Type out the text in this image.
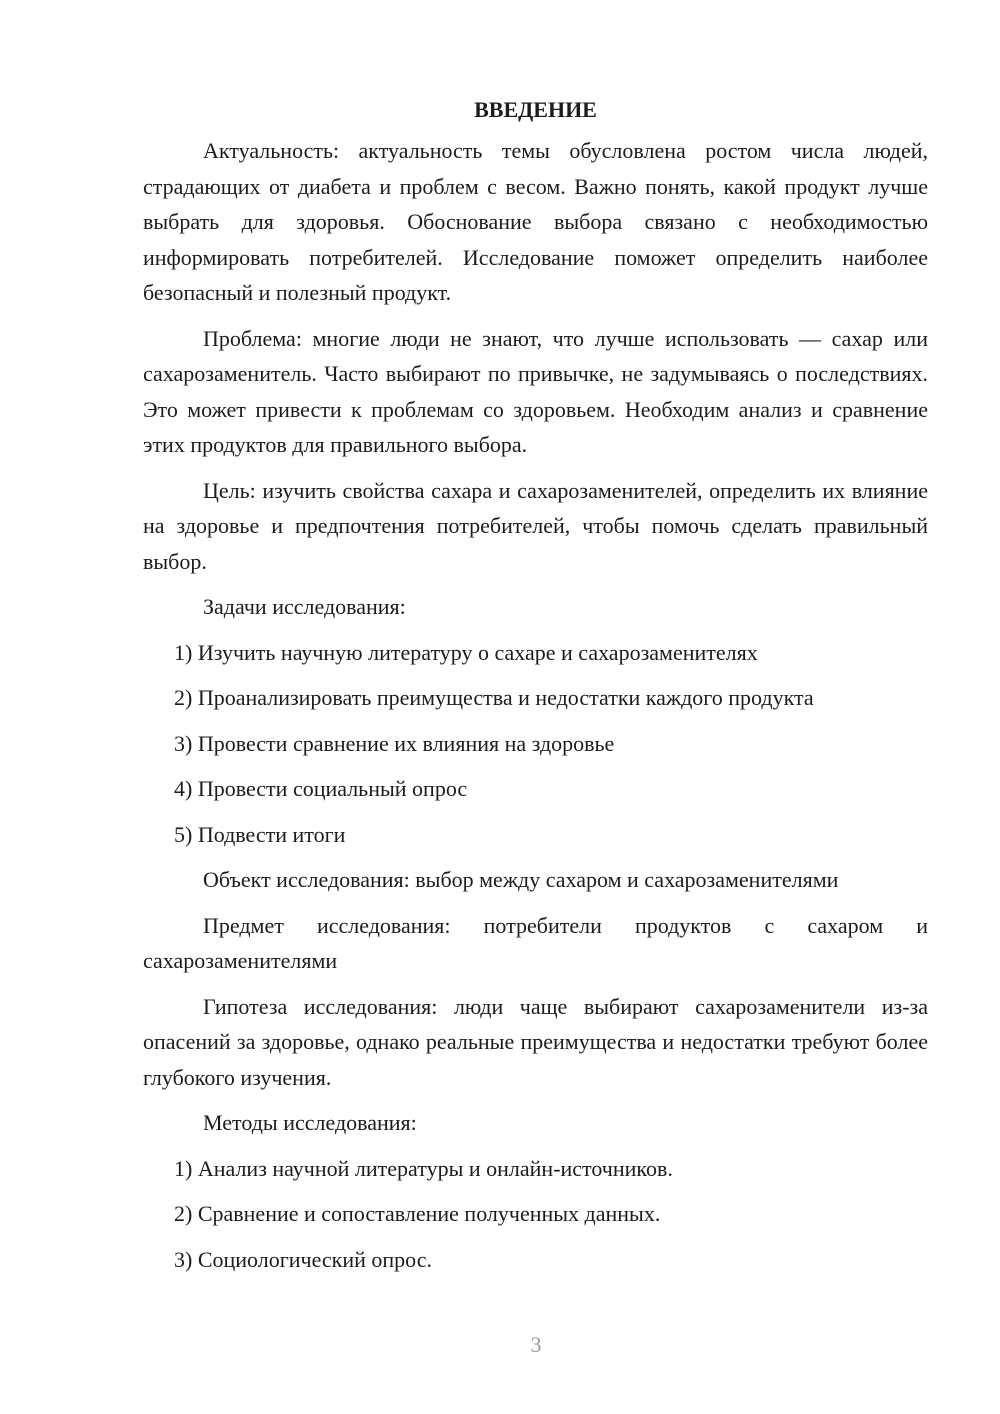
ВВЕДЕНИЕ

Актуальность: актуальность темы обусловлена ростом числа людей, страдающих от диабета и проблем с весом. Важно понять, какой продукт лучше выбрать для здоровья. Обоснование выбора связано с необходимостью информировать потребителей. Исследование поможет определить наиболее безопасный и полезный продукт.

Проблема: многие люди не знают, что лучше использовать — сахар или сахарозаменитель. Часто выбирают по привычке, не задумываясь о последствиях. Это может привести к проблемам со здоровьем. Необходим анализ и сравнение этих продуктов для правильного выбора.

Цель: изучить свойства сахара и сахарозаменителей, определить их влияние на здоровье и предпочтения потребителей, чтобы помочь сделать правильный выбор.

Задачи исследования:

1) Изучить научную литературу о сахаре и сахарозаменителях
2) Проанализировать преимущества и недостатки каждого продукта
3) Провести сравнение их влияния на здоровье
4) Провести социальный опрос
5) Подвести итоги

Объект исследования: выбор между сахаром и сахарозаменителями

Предмет исследования: потребители продуктов с сахаром и сахарозаменителями

Гипотеза исследования: люди чаще выбирают сахарозаменители из-за опасений за здоровье, однако реальные преимущества и недостатки требуют более глубокого изучения.

Методы исследования:

1) Анализ научной литературы и онлайн-источников.
2) Сравнение и сопоставление полученных данных.
3) Социологический опрос.
3
